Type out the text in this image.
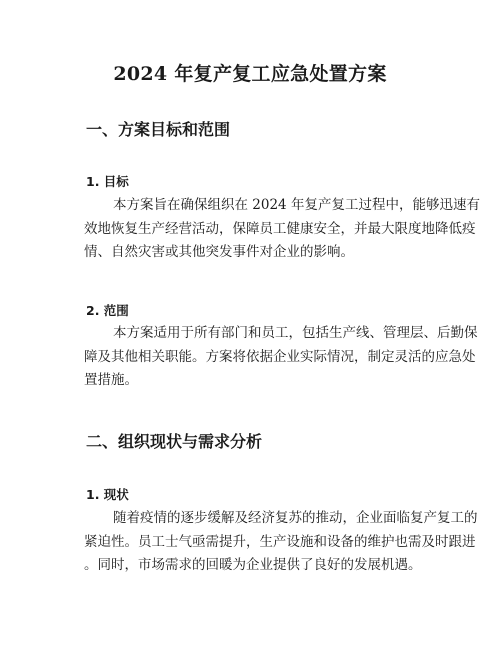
2024 年复产复工应急处置方案
一、方案目标和范围
1. 目标
本方案旨在确保组织在 2024 年复产复工过程中，能够迅速有
效地恢复生产经营活动，保障员工健康安全，并最大限度地降低疫
情、自然灾害或其他突发事件对企业的影响。
2. 范围
本方案适用于所有部门和员工，包括生产线、管理层、后勤保
障及其他相关职能。方案将依据企业实际情况，制定灵活的应急处
置措施。
二、组织现状与需求分析
1. 现状
随着疫情的逐步缓解及经济复苏的推动，企业面临复产复工的
紧迫性。员工士气亟需提升，生产设施和设备的维护也需及时跟进
。同时，市场需求的回暖为企业提供了良好的发展机遇。
